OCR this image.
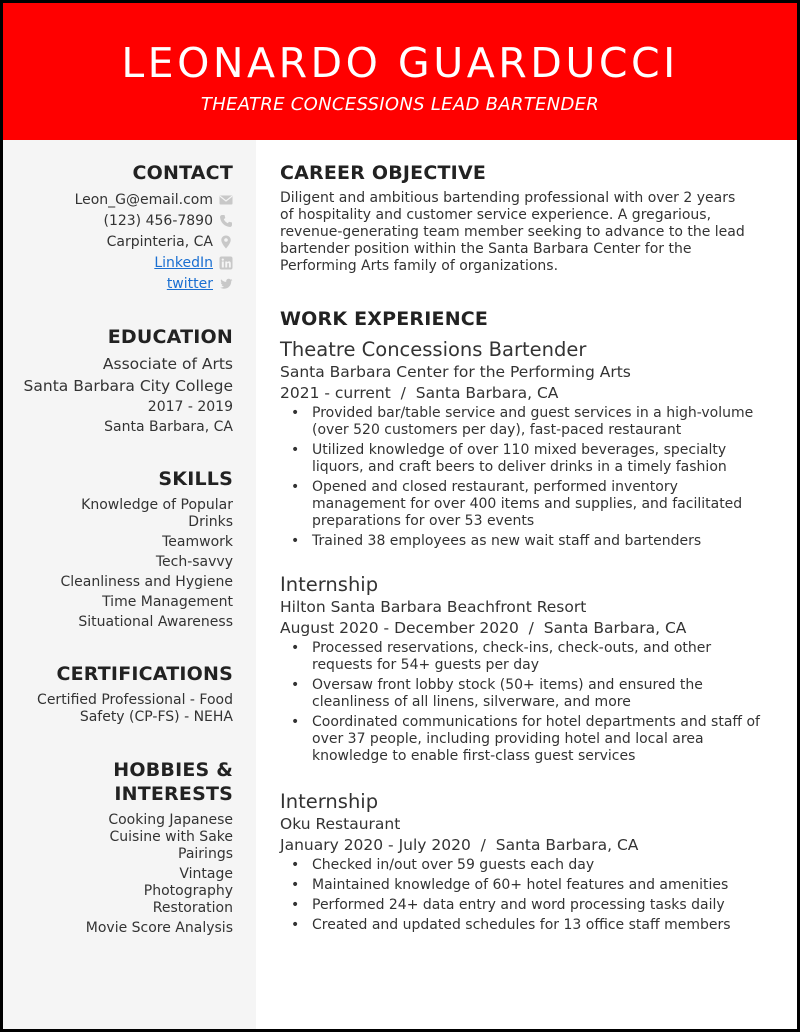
LEONARDO GUARDUCCI
THEATRE CONCESSIONS LEAD BARTENDER
CONTACT
Leon_G@email.com
(123) 456-7890
Carpinteria, CA
LinkedIn
twitter
EDUCATION
Associate of Arts
Santa Barbara City College
2017 - 2019
Santa Barbara, CA
SKILLS
Knowledge of Popular Drinks
Teamwork
Tech-savvy
Cleanliness and Hygiene
Time Management
Situational Awareness
CERTIFICATIONS
Certified Professional - Food Safety (CP-FS) - NEHA
HOBBIES &
INTERESTS
Cooking Japanese Cuisine with Sake Pairings
Vintage Photography Restoration
Movie Score Analysis
CAREER OBJECTIVE
Diligent and ambitious bartending professional with over 2 years of hospitality and customer service experience. A gregarious, revenue-generating team member seeking to advance to the lead bartender position within the Santa Barbara Center for the Performing Arts family of organizations.
WORK EXPERIENCE
Theatre Concessions Bartender
Santa Barbara Center for the Performing Arts
2021 - current  /  Santa Barbara, CA
• Provided bar/table service and guest services in a high-volume (over 520 customers per day), fast-paced restaurant
• Utilized knowledge of over 110 mixed beverages, specialty liquors, and craft beers to deliver drinks in a timely fashion
• Opened and closed restaurant, performed inventory management for over 400 items and supplies, and facilitated preparations for over 53 events
• Trained 38 employees as new wait staff and bartenders
Internship
Hilton Santa Barbara Beachfront Resort
August 2020 - December 2020  /  Santa Barbara, CA
• Processed reservations, check-ins, check-outs, and other requests for 54+ guests per day
• Oversaw front lobby stock (50+ items) and ensured the cleanliness of all linens, silverware, and more
• Coordinated communications for hotel departments and staff of over 37 people, including providing hotel and local area knowledge to enable first-class guest services
Internship
Oku Restaurant
January 2020 - July 2020  /  Santa Barbara, CA
• Checked in/out over 59 guests each day
• Maintained knowledge of 60+ hotel features and amenities
• Performed 24+ data entry and word processing tasks daily
• Created and updated schedules for 13 office staff members
